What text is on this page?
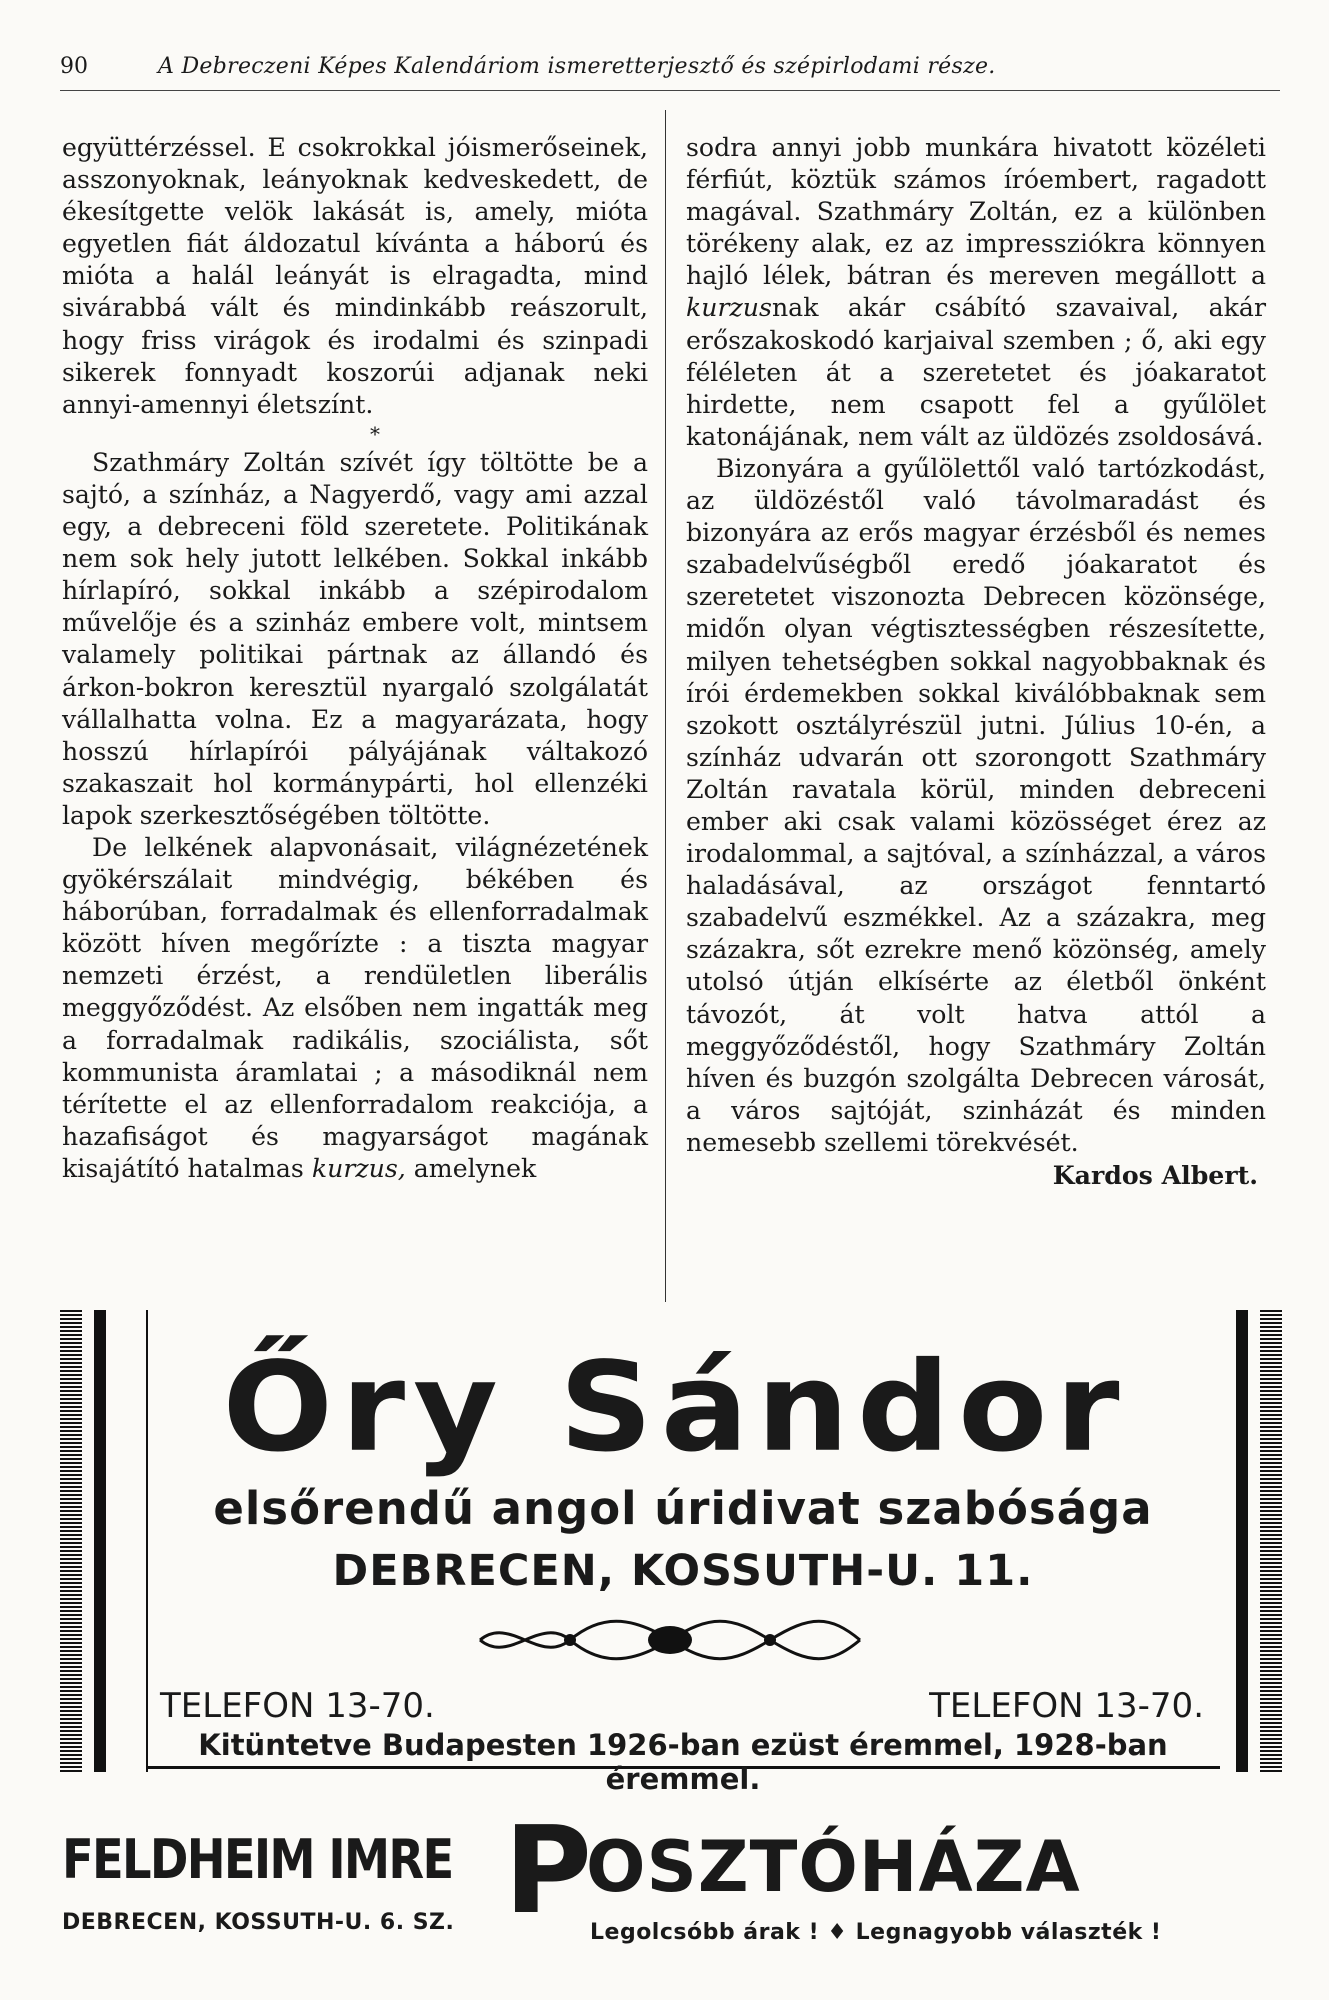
90	A Debreczeni Képes Kalendáriom ismeretterjesztő és szépirlodami része.

együttérzéssel. E csokrokkal jóismerőseinek, asszonyoknak, leányoknak kedveskedett, de ékesítgette velök lakását is, amely, mióta egyetlen fiát áldozatul kívánta a háború és mióta a halál leányát is elragadta, mind sivárabbá vált és mindinkább reászorult, hogy friss virágok és irodalmi és szinpadi sikerek fonnyadt koszorúi adjanak neki annyi-amennyi életszínt.

*

Szathmáry Zoltán szívét így töltötte be a sajtó, a színház, a Nagyerdő, vagy ami azzal egy, a debreceni föld szeretete. Politikának nem sok hely jutott lelkében. Sokkal inkább hírlapíró, sokkal inkább a szépirodalom művelője és a szinház embere volt, mintsem valamely politikai pártnak az állandó és árkon-bokron keresztül nyargaló szolgálatát vállalhatta volna. Ez a magyarázata, hogy hosszú hírlapírói pályájának váltakozó szakaszait hol kormánypárti, hol ellenzéki lapok szerkesztőségében töltötte.

De lelkének alapvonásait, világnézetének gyökérszálait mindvégig, békében és háborúban, forradalmak és ellenforradalmak között híven megőrízte : a tiszta magyar nemzeti érzést, a rendületlen liberális meggyőződést. Az elsőben nem ingatták meg a forradalmak radikális, szociálista, sőt kommunista áramlatai ; a másodiknál nem térítette el az ellenforradalom reakciója, a hazafiságot és magyarságot magának kisajátító hatalmas kurzus, amelynek

sodra annyi jobb munkára hivatott közéleti férfiút, köztük számos íróembert, ragadott magával. Szathmáry Zoltán, ez a különben törékeny alak, ez az impressziókra könnyen hajló lélek, bátran és mereven megállott a kurzusnak akár csábító szavaival, akár erőszakoskodó karjaival szemben ; ő, aki egy féléleten át a szeretetet és jóakaratot hirdette, nem csapott fel a gyűlölet katonájának, nem vált az üldözés zsoldosává.

Bizonyára a gyűlölettől való tartózkodást, az üldözéstől való távolmaradást és bizonyára az erős magyar érzésből és nemes szabadelvűségből eredő jóakaratot és szeretetet viszonozta Debrecen közönsége, midőn olyan végtisztességben részesítette, milyen tehetségben sokkal nagyobbaknak és írói érdemekben sokkal kiválóbbaknak sem szokott osztályrészül jutni. Július 10-én, a színház udvarán ott szorongott Szathmáry Zoltán ravatala körül, minden debreceni ember aki csak valami közösséget érez az irodalommal, a sajtóval, a színházzal, a város haladásával, az országot fenntartó szabadelvű eszmékkel. Az a százakra, meg százakra, sőt ezrekre menő közönség, amely utolsó útján elkísérte az életből önként távozót, át volt hatva attól a meggyőződéstől, hogy Szathmáry Zoltán híven és buzgón szolgálta Debrecen városát, a város sajtóját, szinházát és minden nemesebb szellemi törekvését.

Kardos Albert.
Őry Sándor
elsőrendű angol úridivat szabósága
DEBRECEN, KOSSUTH-U. 11.
TELEFON 13-70.	TELEFON 13-70.
Kitüntetve Budapesten 1926-ban ezüst éremmel, 1928-ban éremmel.
FELDHEIM IMRE
DEBRECEN, KOSSUTH-U. 6. SZ. P
OSZTÓHÁZA
Legolcsóbb árak ! ♦ Legnagyobb választék !
